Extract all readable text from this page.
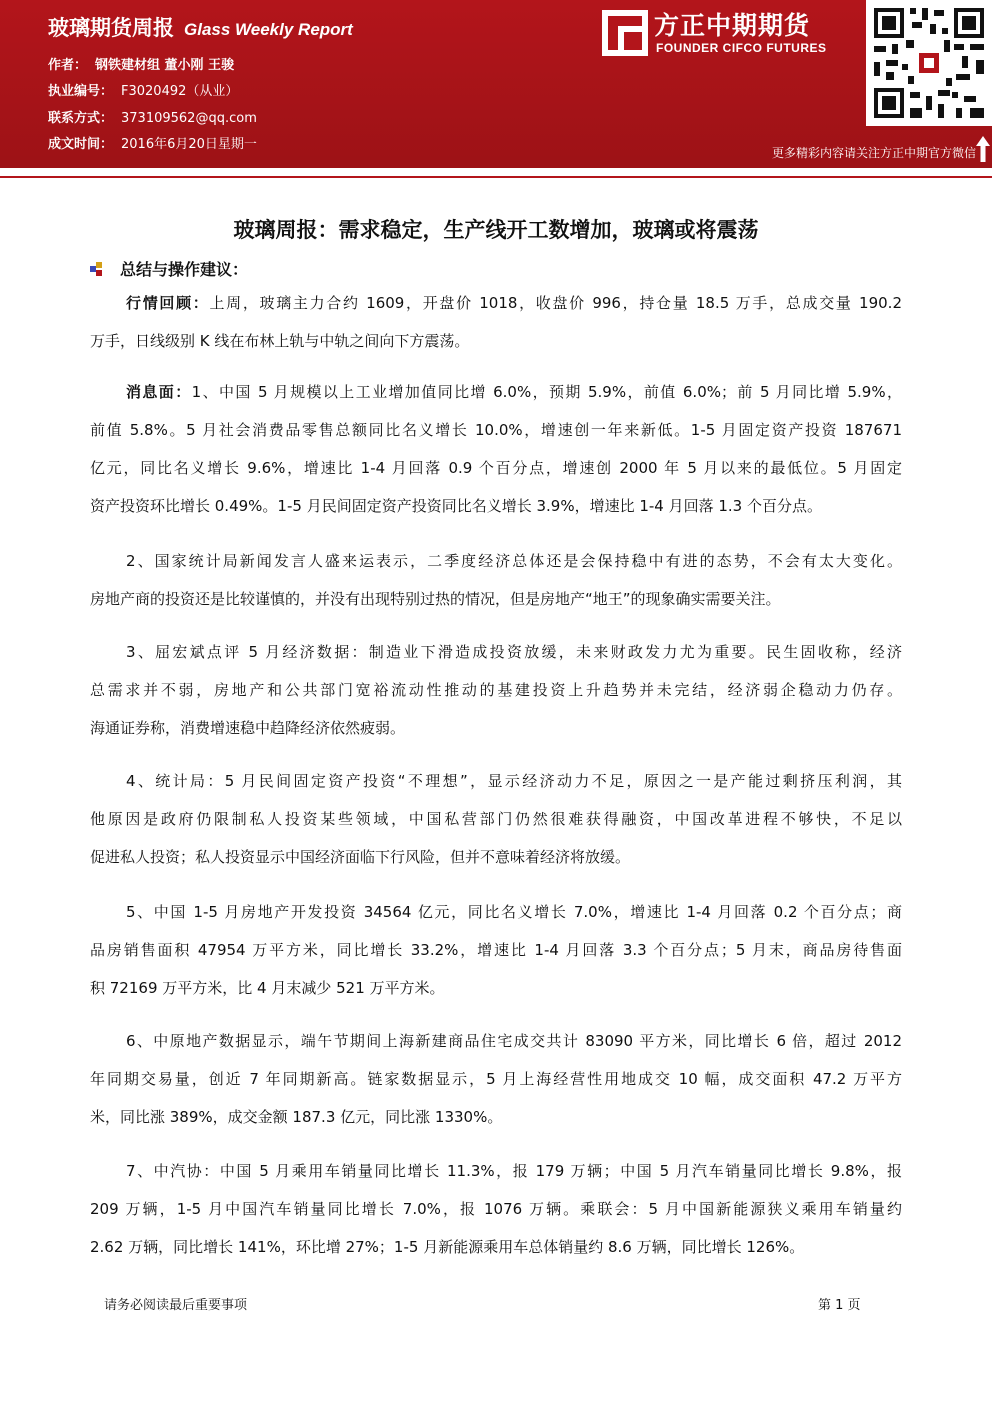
玻璃期货周报 Glass Weekly Report
作者： 钢铁建材组 董小刚 王骏
执业编号： F3020492（从业）
联系方式： 373109562@qq.com
成文时间： 2016年6月20日星期一
方正中期期货
FOUNDER CIFCO FUTURES
更多精彩内容请关注方正中期官方微信
玻璃周报：需求稳定，生产线开工数增加，玻璃或将震荡
总结与操作建议：
行情回顾：上周，玻璃主力合约 1609，开盘价 1018，收盘价 996，持仓量 18.5 万手，总成交量 190.2
万手，日线级别 K 线在布林上轨与中轨之间向下方震荡。
消息面：1、中国 5 月规模以上工业增加值同比增 6.0%，预期 5.9%，前值 6.0%；前 5 月同比增 5.9%，
前值 5.8%。5 月社会消费品零售总额同比名义增长 10.0%，增速创一年来新低。1-5 月固定资产投资 187671
亿元，同比名义增长 9.6%，增速比 1-4 月回落 0.9 个百分点，增速创 2000 年 5 月以来的最低位。5 月固定
资产投资环比增长 0.49%。1-5 月民间固定资产投资同比名义增长 3.9%，增速比 1-4 月回落 1.3 个百分点。
2、国家统计局新闻发言人盛来运表示，二季度经济总体还是会保持稳中有进的态势，不会有太大变化。
房地产商的投资还是比较谨慎的，并没有出现特别过热的情况，但是房地产“地王”的现象确实需要关注。
3、屈宏斌点评 5 月经济数据：制造业下滑造成投资放缓，未来财政发力尤为重要。民生固收称，经济
总需求并不弱，房地产和公共部门宽裕流动性推动的基建投资上升趋势并未完结，经济弱企稳动力仍存。
海通证券称，消费增速稳中趋降经济依然疲弱。
4、统计局：5 月民间固定资产投资“不理想”，显示经济动力不足，原因之一是产能过剩挤压利润，其
他原因是政府仍限制私人投资某些领域，中国私营部门仍然很难获得融资，中国改革进程不够快，不足以
促进私人投资；私人投资显示中国经济面临下行风险，但并不意味着经济将放缓。
5、中国 1-5 月房地产开发投资 34564 亿元，同比名义增长 7.0%，增速比 1-4 月回落 0.2 个百分点；商
品房销售面积 47954 万平方米，同比增长 33.2%，增速比 1-4 月回落 3.3 个百分点；5 月末，商品房待售面
积 72169 万平方米，比 4 月末减少 521 万平方米。
6、中原地产数据显示，端午节期间上海新建商品住宅成交共计 83090 平方米，同比增长 6 倍，超过 2012
年同期交易量，创近 7 年同期新高。链家数据显示，5 月上海经营性用地成交 10 幅，成交面积 47.2 万平方
米，同比涨 389%，成交金额 187.3 亿元，同比涨 1330%。
7、中汽协：中国 5 月乘用车销量同比增长 11.3%，报 179 万辆；中国 5 月汽车销量同比增长 9.8%，报
209 万辆，1-5 月中国汽车销量同比增长 7.0%，报 1076 万辆。乘联会：5 月中国新能源狭义乘用车销量约
2.62 万辆，同比增长 141%，环比增 27%；1-5 月新能源乘用车总体销量约 8.6 万辆，同比增长 126%。
请务必阅读最后重要事项	第 1 页
